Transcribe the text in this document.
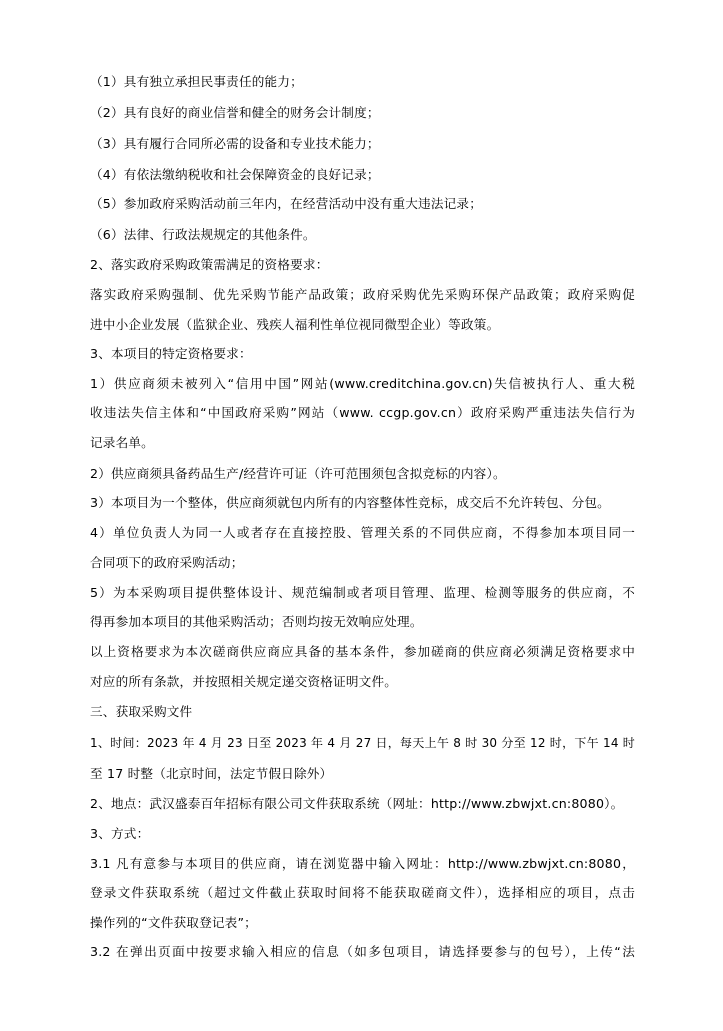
（1）具有独立承担民事责任的能力；
（2）具有良好的商业信誉和健全的财务会计制度；
（3）具有履行合同所必需的设备和专业技术能力；
（4）有依法缴纳税收和社会保障资金的良好记录；
（5）参加政府采购活动前三年内，在经营活动中没有重大违法记录；
（6）法律、行政法规规定的其他条件。
2、落实政府采购政策需满足的资格要求：
落实政府采购强制、优先采购节能产品政策；政府采购优先采购环保产品政策；政府采购促
进中小企业发展（监狱企业、残疾人福利性单位视同微型企业）等政策。
3、本项目的特定资格要求：
1）供应商须未被列入“信用中国”网站(www.creditchina.gov.cn)失信被执行人、重大税
收违法失信主体和“中国政府采购”网站（www. ccgp.gov.cn）政府采购严重违法失信行为
记录名单。
2）供应商须具备药品生产/经营许可证（许可范围须包含拟竞标的内容）。
3）本项目为一个整体，供应商须就包内所有的内容整体性竞标，成交后不允许转包、分包。
4）单位负责人为同一人或者存在直接控股、管理关系的不同供应商，不得参加本项目同一
合同项下的政府采购活动；
5）为本采购项目提供整体设计、规范编制或者项目管理、监理、检测等服务的供应商，不
得再参加本项目的其他采购活动；否则均按无效响应处理。
以上资格要求为本次磋商供应商应具备的基本条件，参加磋商的供应商必须满足资格要求中
对应的所有条款，并按照相关规定递交资格证明文件。
三、获取采购文件
1、时间：2023 年 4 月 23 日至 2023 年 4 月 27 日，每天上午 8 时 30 分至 12 时，下午 14 时
至 17 时整（北京时间，法定节假日除外）
2、地点：武汉盛泰百年招标有限公司文件获取系统（网址：http://www.zbwjxt.cn:8080）。
3、方式：
3.1 凡有意参与本项目的供应商，请在浏览器中输入网址：http://www.zbwjxt.cn:8080，
登录文件获取系统（超过文件截止获取时间将不能获取磋商文件），选择相应的项目，点击
操作列的“文件获取登记表”；
3.2 在弹出页面中按要求输入相应的信息（如多包项目，请选择要参与的包号），上传“法
